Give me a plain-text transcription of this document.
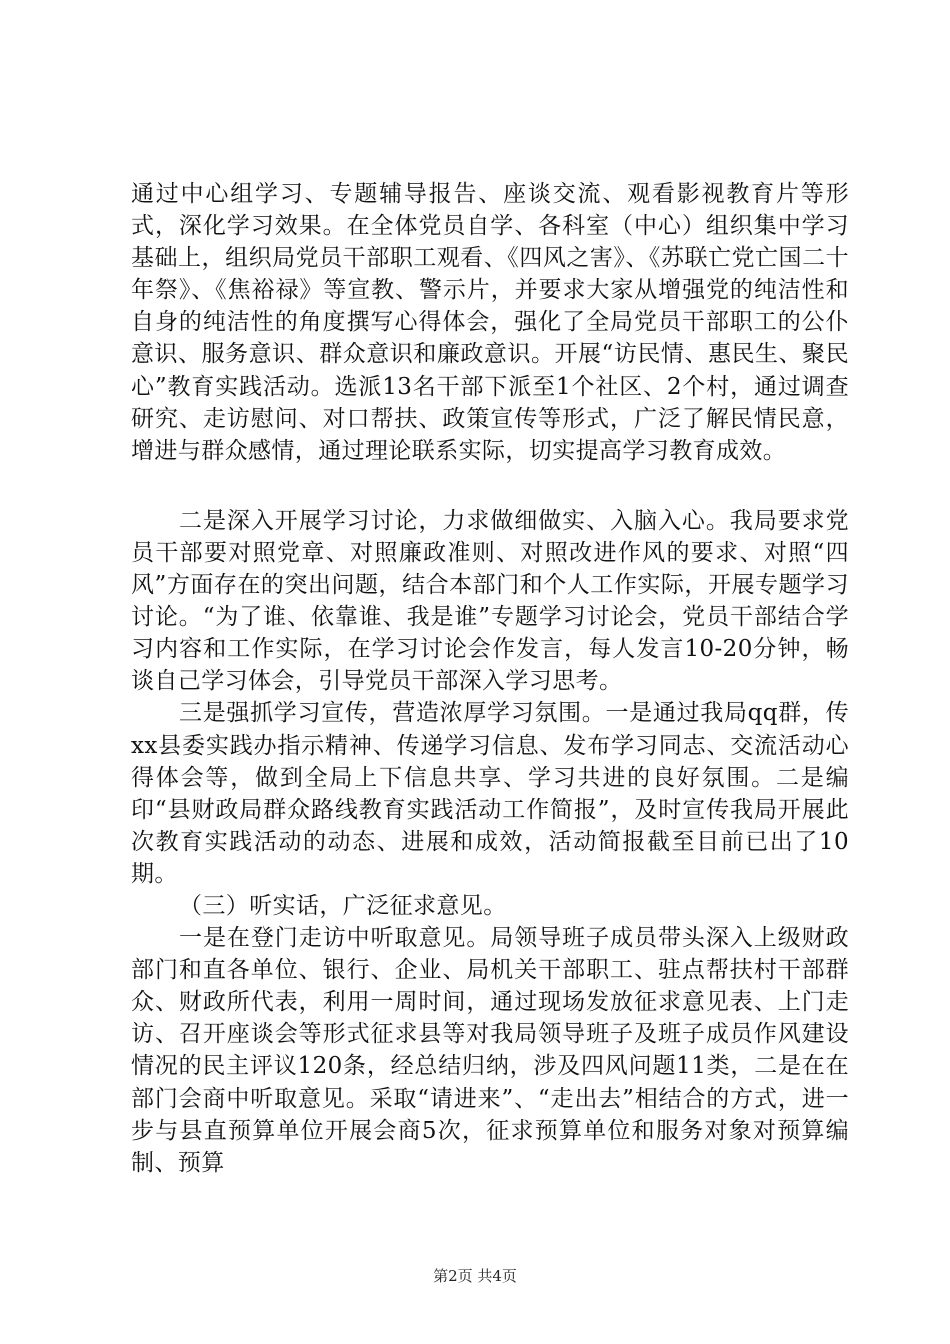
通过中心组学习、专题辅导报告、座谈交流、观看影视教育片等形式，深化学习效果。在全体党员自学、各科室（中心）组织集中学习基础上，组织局党员干部职工观看、《四风之害》、《苏联亡党亡国二十年祭》、《焦裕禄》等宣教、警示片，并要求大家从增强党的纯洁性和自身的纯洁性的角度撰写心得体会，强化了全局党员干部职工的公仆意识、服务意识、群众意识和廉政意识。开展“访民情、惠民生、聚民心”教育实践活动。选派13名干部下派至1个社区、2个村，通过调查研究、走访慰问、对口帮扶、政策宣传等形式，广泛了解民情民意，增进与群众感情，通过理论联系实际，切实提高学习教育成效。

二是深入开展学习讨论，力求做细做实、入脑入心。我局要求党员干部要对照党章、对照廉政准则、对照改进作风的要求、对照“四风”方面存在的突出问题，结合本部门和个人工作实际，开展专题学习讨论。“为了谁、依靠谁、我是谁”专题学习讨论会，党员干部结合学习内容和工作实际，在学习讨论会作发言，每人发言10-20分钟，畅谈自己学习体会，引导党员干部深入学习思考。

三是强抓学习宣传，营造浓厚学习氛围。一是通过我局qq群，传xx县委实践办指示精神、传递学习信息、发布学习同志、交流活动心得体会等，做到全局上下信息共享、学习共进的良好氛围。二是编印“县财政局群众路线教育实践活动工作简报”，及时宣传我局开展此次教育实践活动的动态、进展和成效，活动简报截至目前已出了10期。

（三）听实话，广泛征求意见。

一是在登门走访中听取意见。局领导班子成员带头深入上级财政部门和直各单位、银行、企业、局机关干部职工、驻点帮扶村干部群众、财政所代表，利用一周时间，通过现场发放征求意见表、上门走访、召开座谈会等形式征求县等对我局领导班子及班子成员作风建设情况的民主评议120条，经总结归纳，涉及四风问题11类，二是在在部门会商中听取意见。采取“请进来”、“走出去”相结合的方式，进一步与县直预算单位开展会商5次，征求预算单位和服务对象对预算编制、预算

第2页 共4页
